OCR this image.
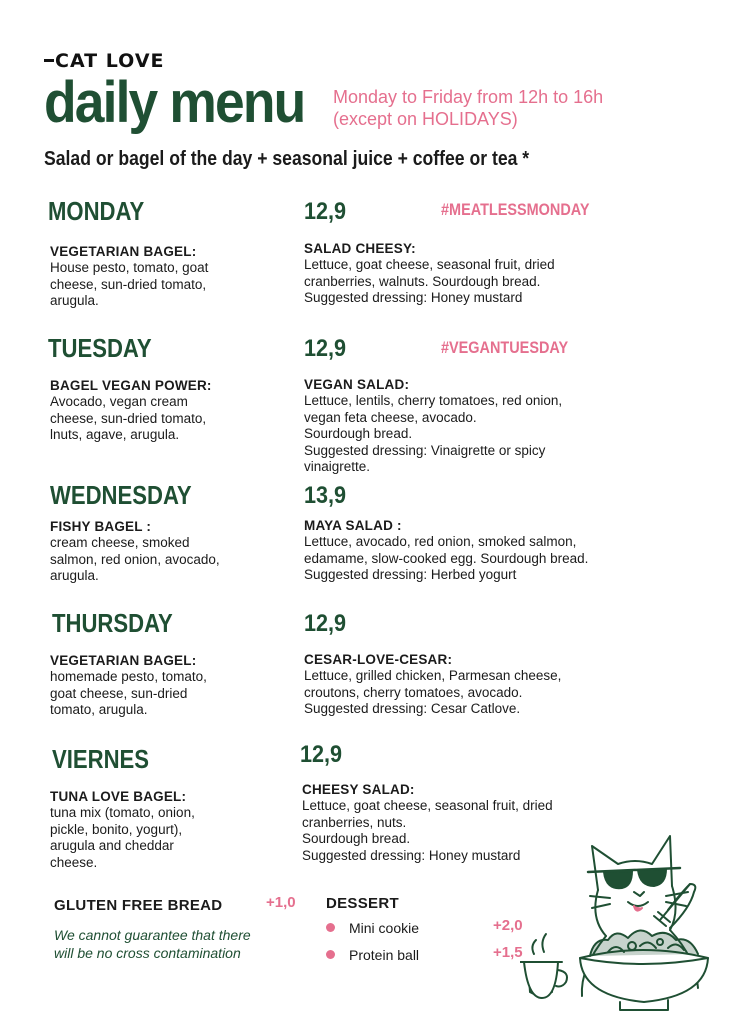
CAT LOVE
daily menu Monday to Friday from 12h to 16h
(except on HOLIDAYS)
Salad or bagel of the day + seasonal juice + coffee or tea *
MONDAY	12,9	#MEATLESSMONDAY
VEGETARIAN BAGEL:
House pesto, tomato, goat
cheese, sun-dried tomato,
arugula.
SALAD CHEESY:
Lettuce, goat cheese, seasonal fruit, dried
cranberries, walnuts. Sourdough bread.
Suggested dressing: Honey mustard
TUESDAY	12,9	#VEGANTUESDAY
BAGEL VEGAN POWER:
Avocado, vegan cream
cheese, sun-dried tomato,
lnuts, agave, arugula.
VEGAN SALAD:
Lettuce, lentils, cherry tomatoes, red onion,
vegan feta cheese, avocado.
Sourdough bread.
Suggested dressing: Vinaigrette or spicy
vinaigrette.
WEDNESDAY	13,9
FISHY BAGEL :
cream cheese, smoked
salmon, red onion, avocado,
arugula.
MAYA SALAD :
Lettuce, avocado, red onion, smoked salmon,
edamame, slow-cooked egg. Sourdough bread.
Suggested dressing: Herbed yogurt
THURSDAY	12,9
VEGETARIAN BAGEL:
homemade pesto, tomato,
goat cheese, sun-dried
tomato, arugula.
CESAR-LOVE-CESAR:
Lettuce, grilled chicken, Parmesan cheese,
croutons, cherry tomatoes, avocado.
Suggested dressing: Cesar Catlove.
VIERNES	12,9
TUNA LOVE BAGEL:
tuna mix (tomato, onion,
pickle, bonito, yogurt),
arugula and cheddar
cheese.
CHEESY SALAD:
Lettuce, goat cheese, seasonal fruit, dried
cranberries, nuts.
Sourdough bread.
Suggested dressing: Honey mustard
GLUTEN FREE BREAD	+1,0
We cannot guarantee that there
will be no cross contamination
DESSERT
Mini cookie	+2,0
Protein ball	+1,5
